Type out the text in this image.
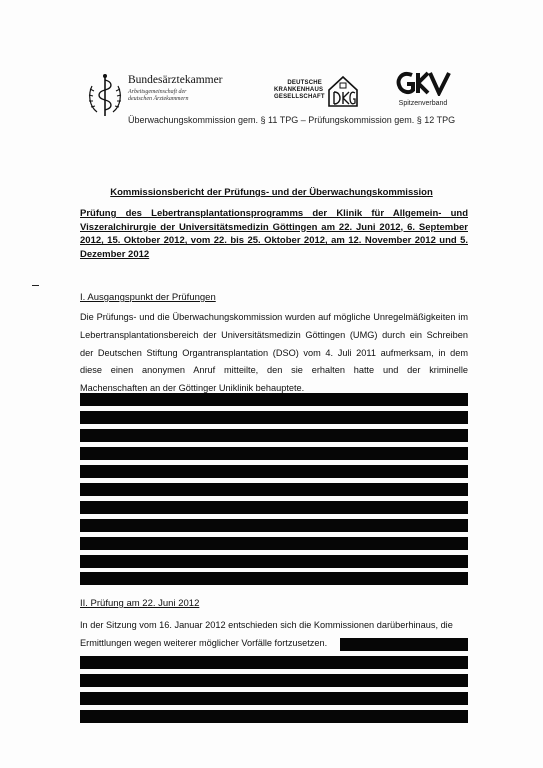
Bundesärztekammer
Arbeitsgemeinschaft der deutschen Ärztekammern
DEUTSCHE
KRANKENHAUS
GESELLSCHAFT
Spitzenverband
Überwachungskommission gem. § 11 TPG – Prüfungskommission gem. § 12 TPG
Kommissionsbericht der Prüfungs- und der Überwachungskommission
Prüfung des Lebertransplantationsprogramms der Klinik für Allgemein- und Viszeralchirurgie der Universitätsmedizin Göttingen am 22. Juni 2012, 6. September 2012, 15. Oktober 2012, vom 22. bis 25. Oktober 2012, am 12. November 2012 und 5. Dezember 2012
I. Ausgangspunkt der Prüfungen
Die Prüfungs- und die Überwachungskommission wurden auf mögliche Unregelmäßigkeiten im Lebertransplantationsbereich der Universitätsmedizin Göttingen (UMG) durch ein Schreiben der Deutschen Stiftung Organtransplantation (DSO) vom 4. Juli 2011 aufmerksam, in dem diese einen anonymen Anruf mitteilte, den sie erhalten hatte und der kriminelle Machenschaften an der Göttinger Uniklinik behauptete.
II. Prüfung am 22. Juni 2012
In der Sitzung vom 16. Januar 2012 entschieden sich die Kommissionen darüberhinaus, die Ermittlungen wegen weiterer möglicher Vorfälle fortzusetzen.
